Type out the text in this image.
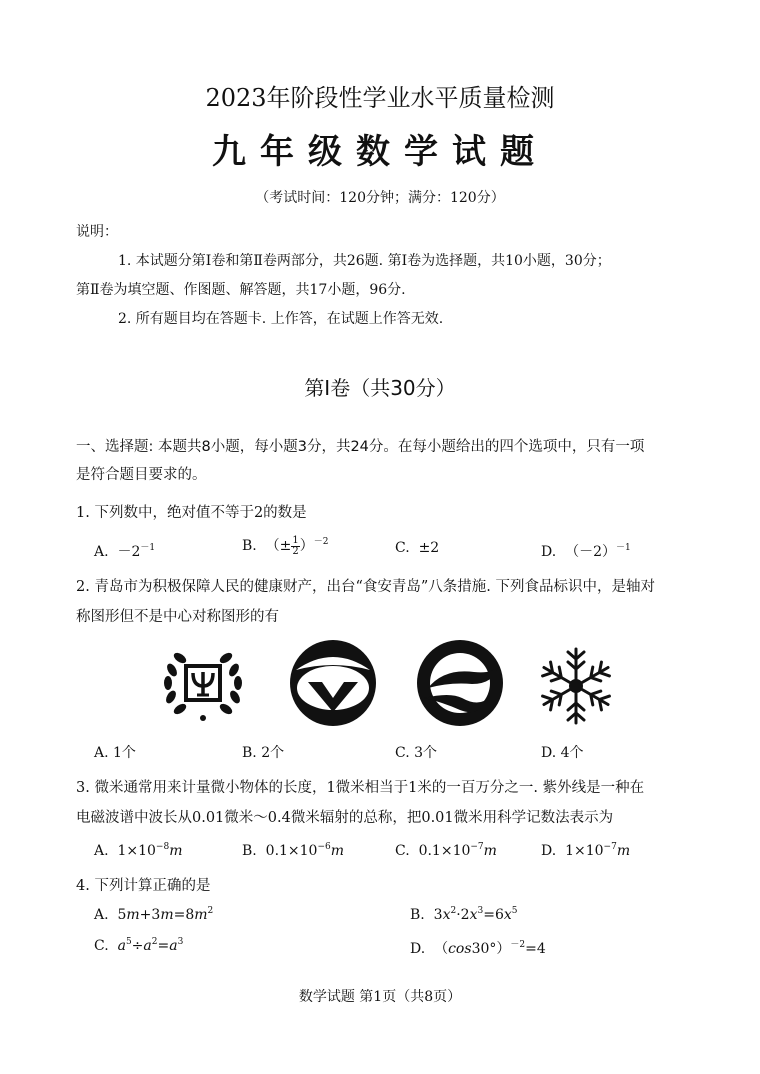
2023年阶段性学业水平质量检测
九年级数学试题
（考试时间：120分钟；满分：120分）
说明：
1. 本试题分第Ⅰ卷和第Ⅱ卷两部分，共26题. 第Ⅰ卷为选择题，共10小题，30分；
第Ⅱ卷为填空题、作图题、解答题，共17小题，96分.
2. 所有题目均在答题卡. 上作答，在试题上作答无效.
第Ⅰ卷（共30分）
一、选择题: 本题共8小题，每小题3分，共24分。在每小题给出的四个选项中，只有一项
是符合题目要求的。
1. 下列数中，绝对值不等于2的数是
A. $-2^{-1}$	B. （± $\frac{1}{2} )^{-2}$	C. ±2	D. $(-2)^{-1}$
2. 青岛市为积极保障人民的健康财产，出台“食安青岛”八条措施. 下列食品标识中，是轴对
称图形但不是中心对称图形的有
A. 1个	B. 2个	C. 3个	D. 4个
3. 微米通常用来计量微小物体的长度，1微米相当于1米的一百万分之一. 紫外线是一种在
电磁波谱中波长从0.01微米～0.4微米辐射的总称，把0.01微米用科学记数法表示为
A. $1\times 10^{-8}m$	B. $0.1\times 10^{-6}m$	C. $0.1\times 10^{-7}m$	D. $1\times 10^{-7}m$
4. 下列计算正确的是
A. $5m+3m=8m^2$	B. $3x^2\cdot 2x^3=6x^5$
C. $a^5\div a^2=a^3$	D. $(\cos 30^\circ)^{-2}=4$
数学试题 第1页（共8页）
